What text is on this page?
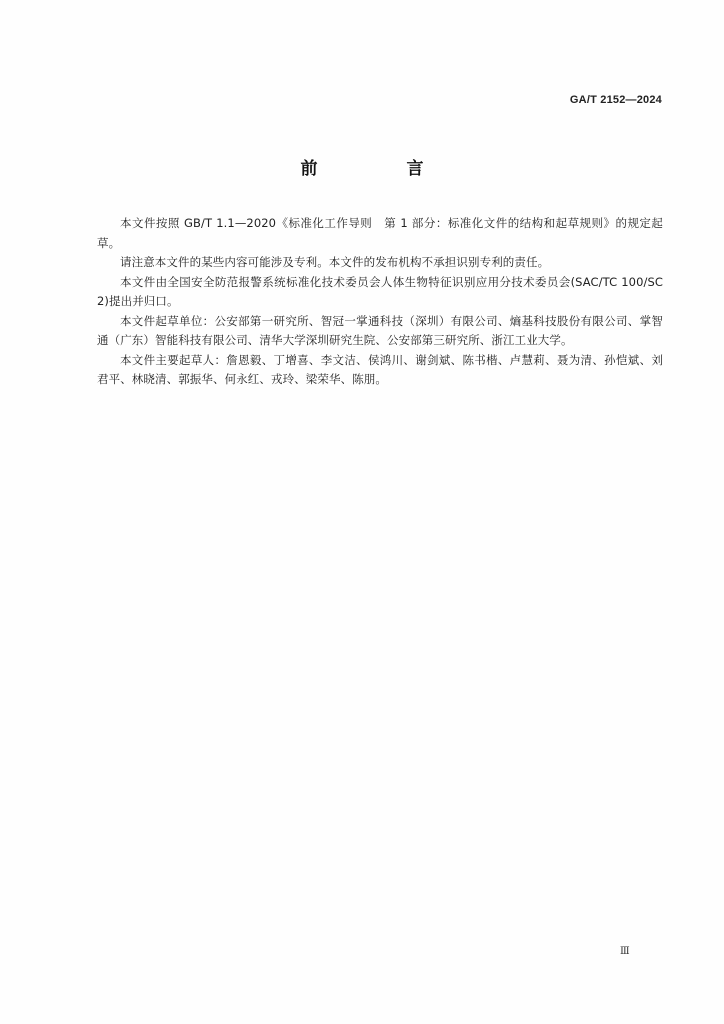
GA/T 2152—2024
前　言

本文件按照 GB/T 1.1—2020《标准化工作导则　第 1 部分：标准化文件的结构和起草规则》的规定起草。

请注意本文件的某些内容可能涉及专利。本文件的发布机构不承担识别专利的责任。

本文件由全国安全防范报警系统标准化技术委员会人体生物特征识别应用分技术委员会(SAC/TC 100/SC 2)提出并归口。

本文件起草单位：公安部第一研究所、智冠一掌通科技（深圳）有限公司、熵基科技股份有限公司、掌智通（广东）智能科技有限公司、清华大学深圳研究生院、公安部第三研究所、浙江工业大学。

本文件主要起草人：詹恩毅、丁增喜、李文洁、侯鸿川、谢剑斌、陈书楷、卢慧莉、聂为清、孙恺斌、刘君平、林晓清、郭振华、何永红、戎玲、梁荣华、陈朋。

Ⅲ
